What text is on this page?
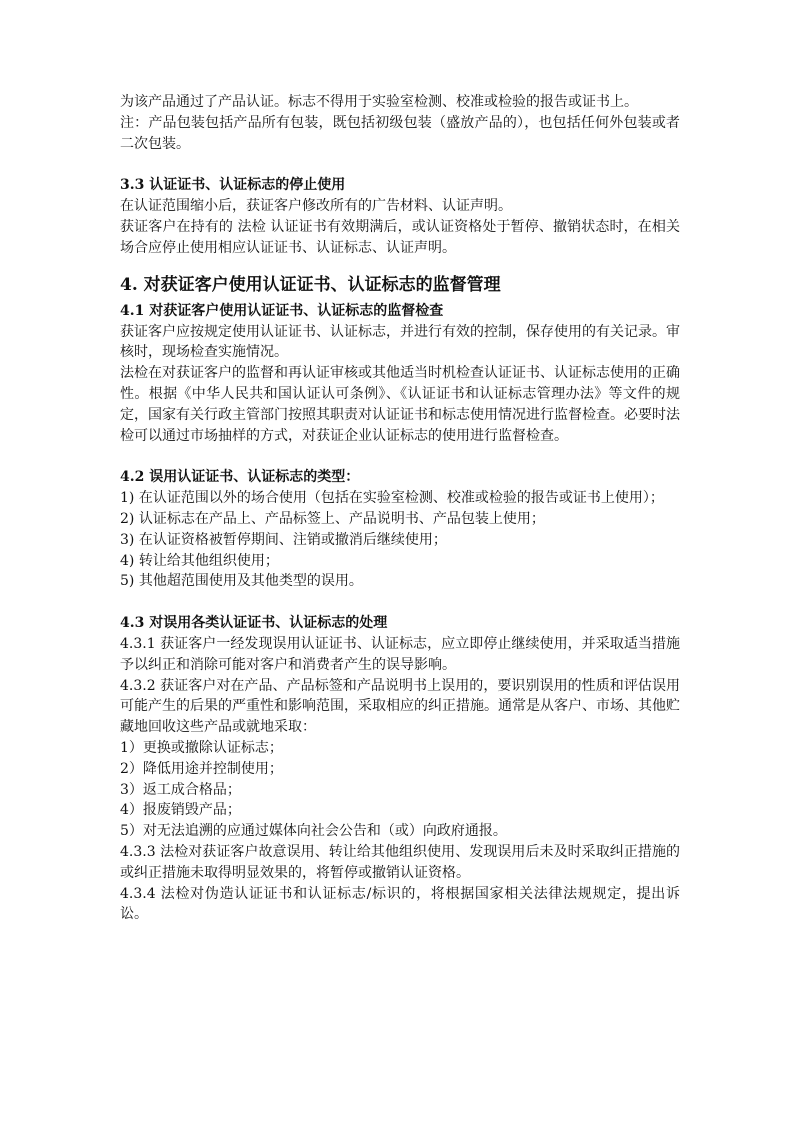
为该产品通过了产品认证。标志不得用于实验室检测、校准或检验的报告或证书上。

注：产品包装包括产品所有包装，既包括初级包装（盛放产品的），也包括任何外包装或者二次包装。

3.3 认证证书、认证标志的停止使用

在认证范围缩小后，获证客户修改所有的广告材料、认证声明。

获证客户在持有的 法检 认证证书有效期满后，或认证资格处于暂停、撤销状态时，在相关场合应停止使用相应认证证书、认证标志、认证声明。

4. 对获证客户使用认证证书、认证标志的监督管理

4.1 对获证客户使用认证证书、认证标志的监督检查

获证客户应按规定使用认证证书、认证标志，并进行有效的控制，保存使用的有关记录。审核时，现场检查实施情况。

法检在对获证客户的监督和再认证审核或其他适当时机检查认证证书、认证标志使用的正确性。根据《中华人民共和国认证认可条例》、《认证证书和认证标志管理办法》等文件的规定，国家有关行政主管部门按照其职责对认证证书和标志使用情况进行监督检查。必要时法检可以通过市场抽样的方式，对获证企业认证标志的使用进行监督检查。

4.2 误用认证证书、认证标志的类型：

1) 在认证范围以外的场合使用（包括在实验室检测、校准或检验的报告或证书上使用）；

2) 认证标志在产品上、产品标签上、产品说明书、产品包装上使用；

3) 在认证资格被暂停期间、注销或撤消后继续使用；

4) 转让给其他组织使用；

5) 其他超范围使用及其他类型的误用。

4.3 对误用各类认证证书、认证标志的处理

4.3.1 获证客户一经发现误用认证证书、认证标志，应立即停止继续使用，并采取适当措施予以纠正和消除可能对客户和消费者产生的误导影响。

4.3.2 获证客户对在产品、产品标签和产品说明书上误用的，要识别误用的性质和评估误用可能产生的后果的严重性和影响范围，采取相应的纠正措施。通常是从客户、市场、其他贮藏地回收这些产品或就地采取：

1）更换或撤除认证标志；

2）降低用途并控制使用；

3）返工成合格品；

4）报废销毁产品；

5）对无法追溯的应通过媒体向社会公告和（或）向政府通报。

4.3.3 法检对获证客户故意误用、转让给其他组织使用、发现误用后未及时采取纠正措施的或纠正措施未取得明显效果的，将暂停或撤销认证资格。

4.3.4 法检对伪造认证证书和认证标志/标识的，将根据国家相关法律法规规定，提出诉讼。
